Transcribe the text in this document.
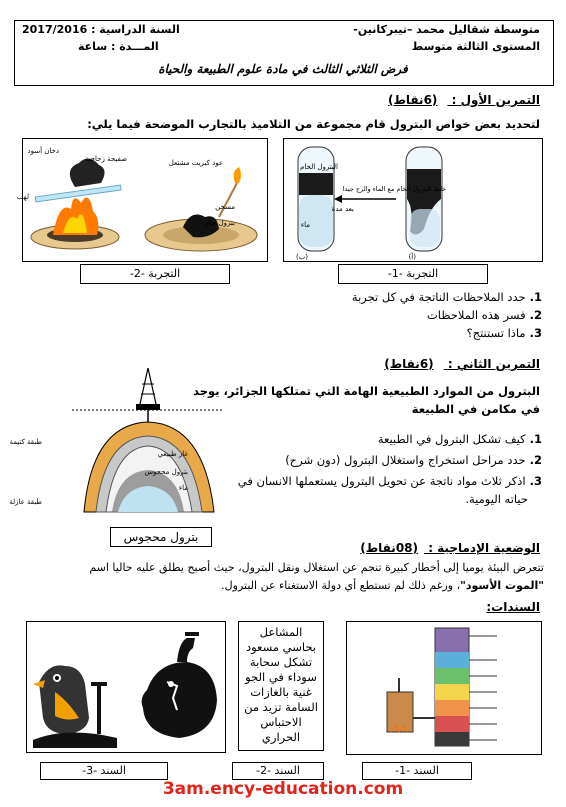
متوسطة شقاليل محمد –تيبركانين-
المستوى الثالثة متوسط
السنة الدراسية : 2017/2016
المـــدة : ساعة
فرض الثلاثي الثالث في مادة علوم الطبيعة والحياة
التمرين الأول : (6نقاط)
لتحديد بعض خواص البترول قام مجموعة من التلاميذ بالتجارب الموضحة فيما يلي:
دخان أسود
صفيحة زجاجية
لهب
عود كبريت مشتعل
مسخن
بترول خام
التجربة -2-
البترول الخام
ماء
بعد مدة
خلط البترول الخام مع الماء والرج جيدا
(ب)	(أ)
التجربة -1-
1.حدد الملاحظات الناتجة في كل تجربة
2.فسر هذه الملاحظات
3.ماذا تستنتج؟
التمرين الثاني : (6نقاط)
البترول من الموارد الطبيعية الهامة التي تمتلكها الجزائر، يوجد
في مكامن في الطبيعة
1.كيف تشكل البترول في الطبيعة
2.حدد مراحل استخراج واستغلال البترول (دون شرح)
3.اذكر ثلاث مواد ناتجة عن تحويل البترول يستعملها الانسان في
حياته اليومية.
طبقة كتيمة
غاز طبيعي
بترول محجوس
ماء
طبقة عازلة
بترول محجوس
الوضعية الإدماجية : (08نقاط)
تتعرض البيئة يوميا إلى أخطار كبيرة تنجم عن استغلال ونقل البترول، حيث أصبح يطلق عليه حاليا اسم
"الموت الأسود"، ورغم ذلك لم تستطع أي دولة الاستغناء عن البترول.
السندات:
السند -1-
المشاعل بحاسي مسعود تشكل سحابة سوداء في الجو غنية بالغازات السامة تزيد من الاحتباس الحراري
السند -2-
السند -3-
3am.ency-education.com
